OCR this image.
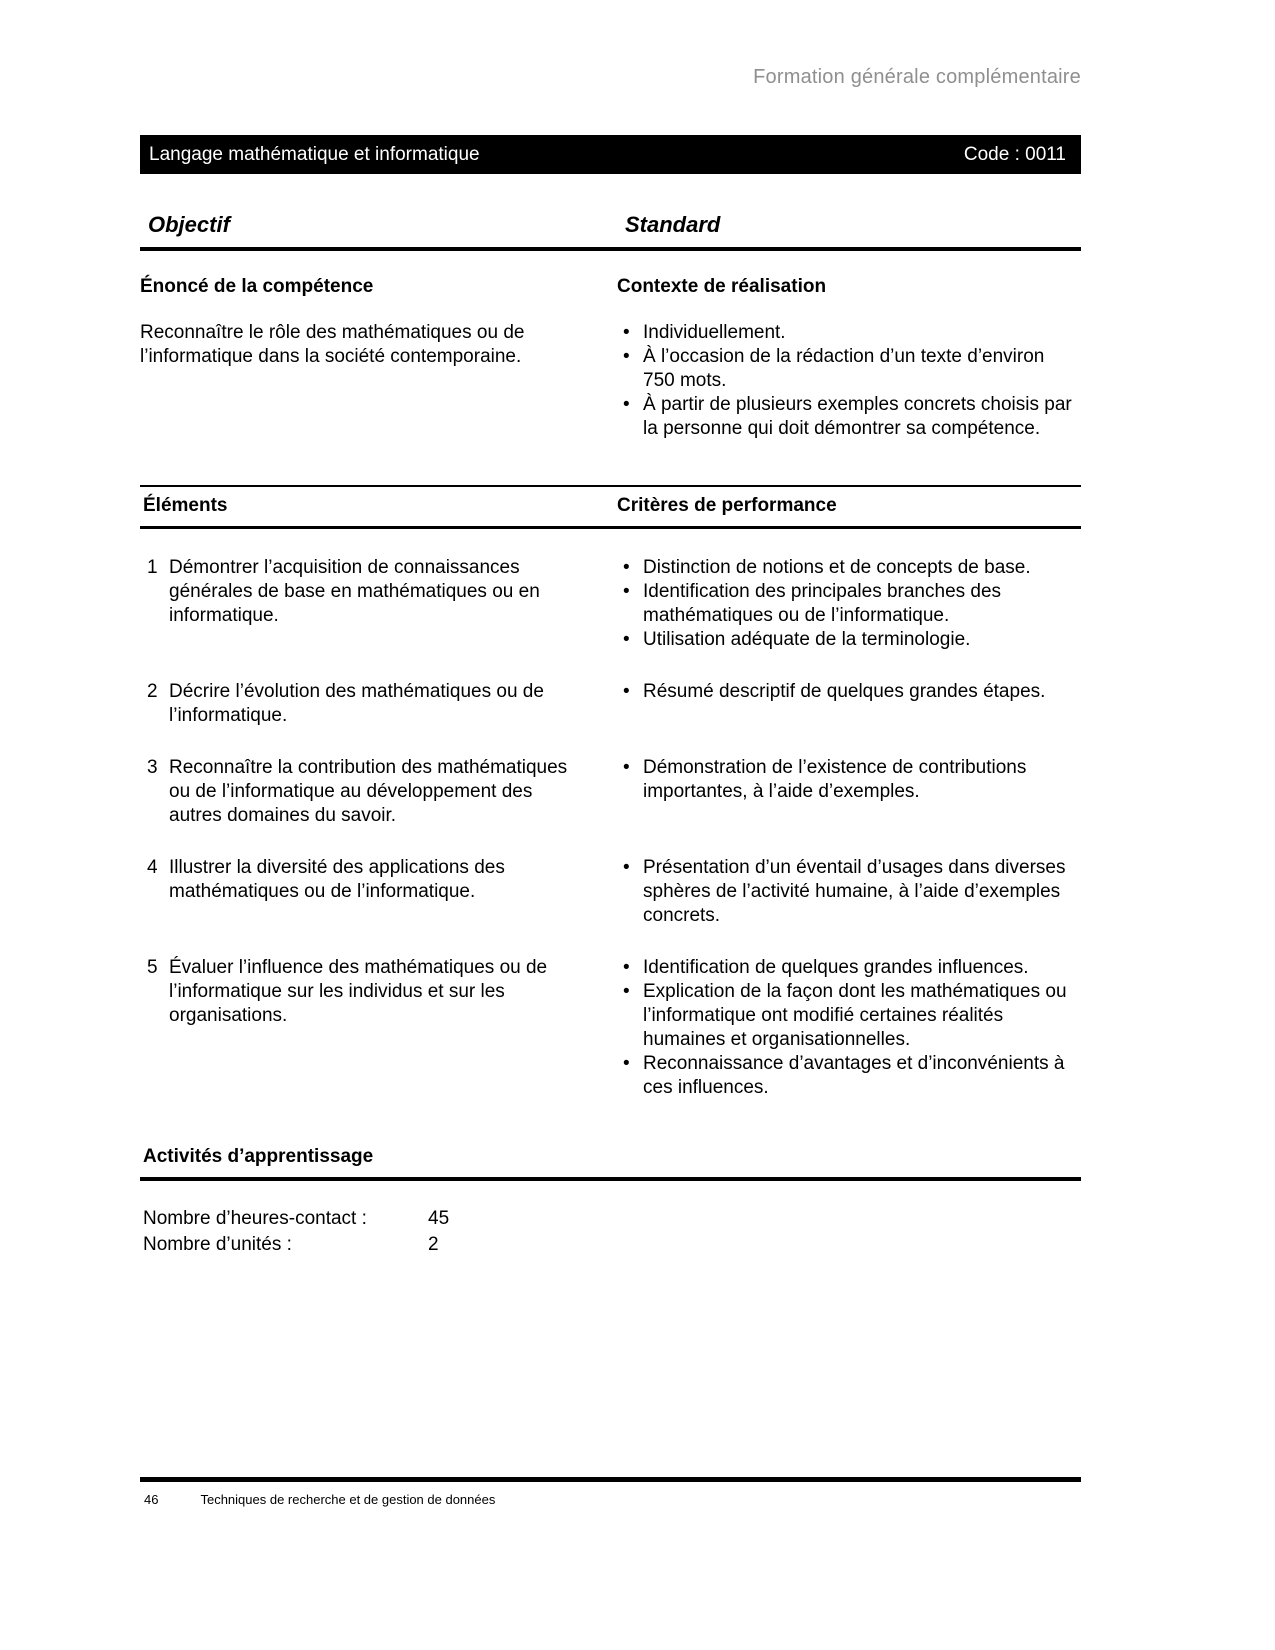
Formation générale complémentaire
Langage mathématique et informatique	Code : 0011
Objectif	Standard
Énoncé de la compétence
Reconnaître le rôle des mathématiques ou de l’informatique dans la société contemporaine.
Contexte de réalisation
• Individuellement.
• À l’occasion de la rédaction d’un texte d’environ 750 mots.
• À partir de plusieurs exemples concrets choisis par la personne qui doit démontrer sa compétence.
Éléments	Critères de performance
1 Démontrer l’acquisition de connaissances générales de base en mathématiques ou en informatique.
• Distinction de notions et de concepts de base.
• Identification des principales branches des mathématiques ou de l’informatique.
• Utilisation adéquate de la terminologie.
2 Décrire l’évolution des mathématiques ou de l’informatique.
• Résumé descriptif de quelques grandes étapes.
3 Reconnaître la contribution des mathématiques ou de l’informatique au développement des autres domaines du savoir.
• Démonstration de l’existence de contributions importantes, à l’aide d’exemples.
4 Illustrer la diversité des applications des mathématiques ou de l’informatique.
• Présentation d’un éventail d’usages dans diverses sphères de l’activité humaine, à l’aide d’exemples concrets.
5 Évaluer l’influence des mathématiques ou de l’informatique sur les individus et sur les organisations.
• Identification de quelques grandes influences.
• Explication de la façon dont les mathématiques ou l’informatique ont modifié certaines réalités humaines et organisationnelles.
• Reconnaissance d’avantages et d’inconvénients à ces influences.
Activités d’apprentissage
Nombre d’heures-contact :	45
Nombre d’unités :	2
46	Techniques de recherche et de gestion de données
